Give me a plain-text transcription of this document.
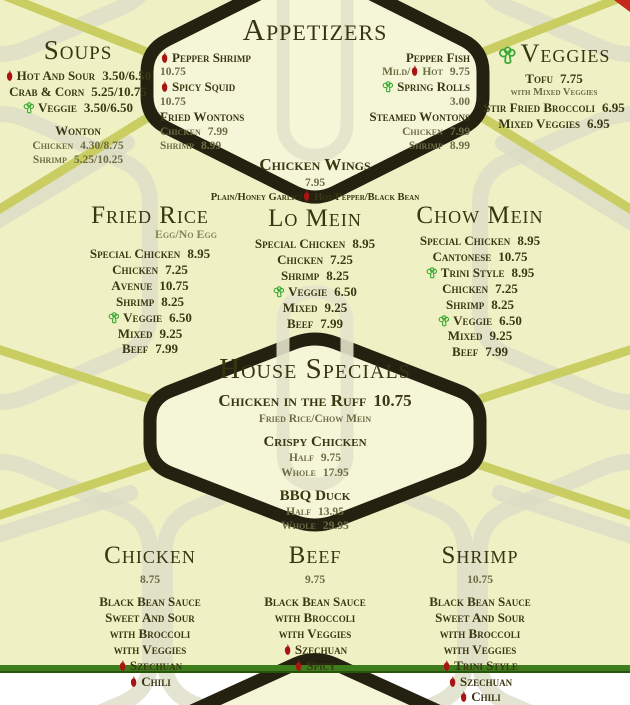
Soups
Hot And Sour 3.50/6.50
Crab & Corn 5.25/10.75
Veggie 3.50/6.50
Wonton
Chicken 4.30/8.75
Shrimp 5.25/10.25
Appetizers
Pepper Shrimp
10.75
Spicy Squid
10.75
Fried Wontons
Chicken 7.99
Shrimp 8.99
Pepper Fish
Mild/ Hot 9.75
Spring Rolls
3.00
Steamed Wontons
Chicken 7.99
Shrimp 8.99
Chicken Wings
7.95
Plain/Honey Garlic/ Hot/Pepper/Black Bean
Veggies
Tofu 7.75
with Mixed Veggies
Stir Fried Broccoli 6.95
Mixed Veggies 6.95
Fried Rice
Egg/No Egg
Special Chicken 8.95
Chicken 7.25
Avenue 10.75
Shrimp 8.25
Veggie 6.50
Mixed 9.25
Beef 7.99
Lo Mein
Special Chicken 8.95
Chicken 7.25
Shrimp 8.25
Veggie 6.50
Mixed 9.25
Beef 7.99
Chow Mein
Special Chicken 8.95
Cantonese 10.75
Trini Style 8.95
Chicken 7.25
Shrimp 8.25
Veggie 6.50
Mixed 9.25
Beef 7.99
House Specials
Chicken in the Ruff 10.75
Fried Rice/Chow Mein
Crispy Chicken
Half 9.75
Whole 17.95
BBQ Duck
Half 13.95
Whole 29.95
Chicken
8.75
Black Bean Sauce
Sweet And Sour
with Broccoli
with Veggies
Szechuan
Chili
Beef
9.75
Black Bean Sauce
with Broccoli
with Veggies
Szechuan
Spicy
Shrimp
10.75
Black Bean Sauce
Sweet And Sour
with Broccoli
with Veggies
Trini Style
Szechuan
Chili
